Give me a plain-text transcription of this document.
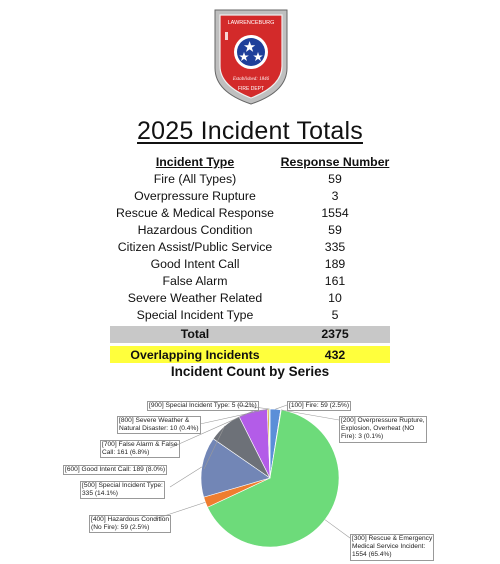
LAWRENCEBURG
Established: 1846
FIRE DEPT
2025 Incident Totals
Incident Type	Response Number
Fire (All Types)	59
Overpressure Rupture	3
Rescue & Medical Response	1554
Hazardous Condition	59
Citizen Assist/Public Service	335
Good Intent Call	189
False Alarm	161
Severe Weather Related	10
Special Incident Type	5
Total	2375
Overlapping Incidents	432
Incident Count by Series
[900] Special Incident Type: 5 (0.2%)	[100] Fire: 59 (2.5%)
[800] Severe Weather &
Natural Disaster: 10 (0.4%)
[200] Overpressure Rupture,
Explosion, Overheat (NO
Fire): 3 (0.1%)
[700] False Alarm & False
Call: 161 (6.8%)
[600] Good Intent Call: 189 (8.0%)
[500] Special Incident Type:
335 (14.1%)
[400] Hazardous Condition
(No Fire): 59 (2.5%)
[300] Rescue & Emergency
Medical Service Incident:
1554 (65.4%)
